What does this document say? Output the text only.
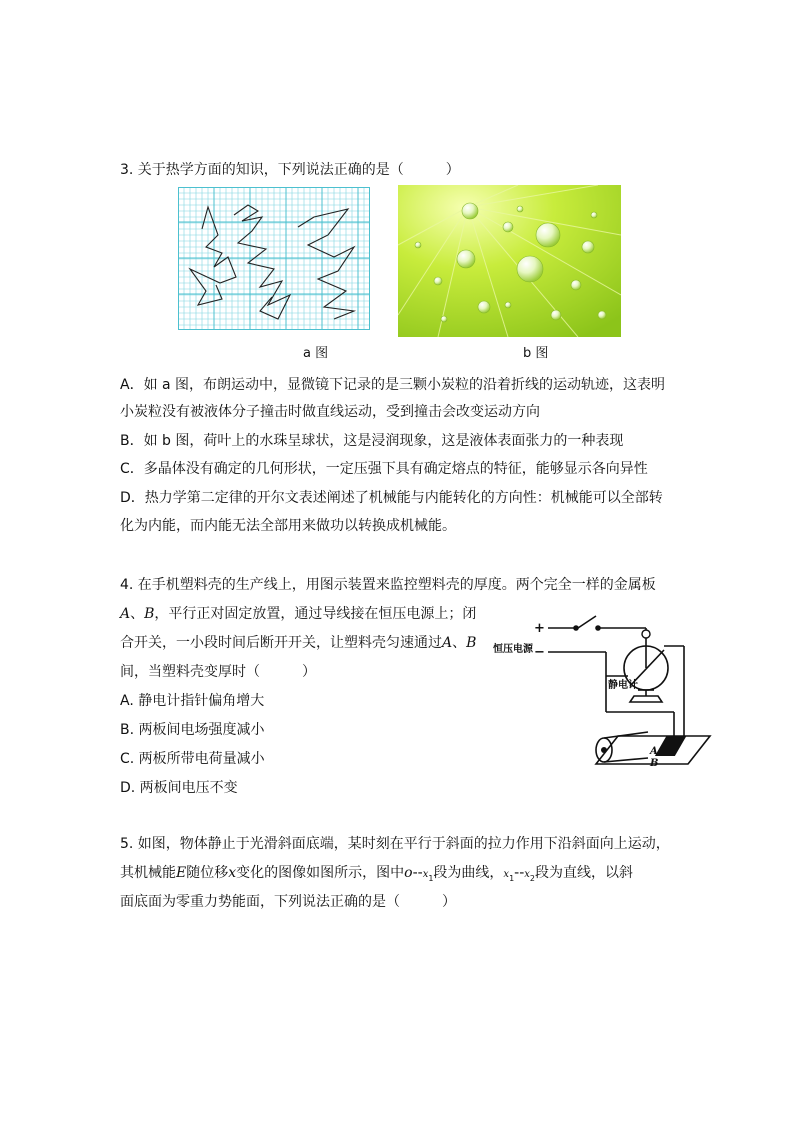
3. 关于热学方面的知识，下列说法正确的是（　　　）
a 图	b 图
A．如 a 图，布朗运动中，显微镜下记录的是三颗小炭粒的沿着折线的运动轨迹，这表明
小炭粒没有被液体分子撞击时做直线运动，受到撞击会改变运动方向
B．如 b 图，荷叶上的水珠呈球状，这是浸润现象，这是液体表面张力的一种表现
C．多晶体没有确定的几何形状，一定压强下具有确定熔点的特征，能够显示各向异性
D．热力学第二定律的开尔文表述阐述了机械能与内能转化的方向性：机械能可以全部转
化为内能，而内能无法全部用来做功以转换成机械能。
4. 在手机塑料壳的生产线上，用图示装置来监控塑料壳的厚度。两个完全一样的金属板
A、B，平行正对固定放置，通过导线接在恒压电源上；闭
合开关，一小段时间后断开开关，让塑料壳匀速通过A、B
间，当塑料壳变厚时（　　　）
A. 静电计指针偏角增大
B. 两板间电场强度减小
C. 两板所带电荷量减小
D. 两板间电压不变
+
−
恒压电源
静电计
A
B
5. 如图，物体静止于光滑斜面底端，某时刻在平行于斜面的拉力作用下沿斜面向上运动，
其机械能E随位移x变化的图像如图所示，图中$o--x_1$段为曲线，$x_1--x_2$段为直线，以斜
面底面为零重力势能面，下列说法正确的是（　　　）
